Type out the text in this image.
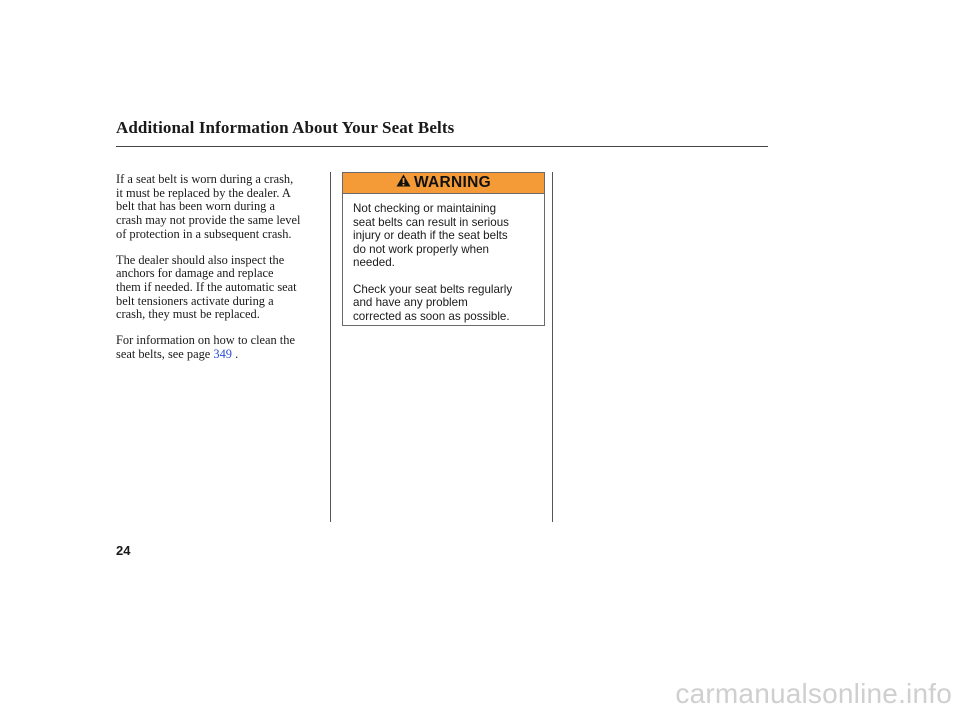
Additional Information About Your Seat Belts

If a seat belt is worn during a crash,
it must be replaced by the dealer. A
belt that has been worn during a
crash may not provide the same level
of protection in a subsequent crash.

The dealer should also inspect the
anchors for damage and replace
them if needed. If the automatic seat
belt tensioners activate during a
crash, they must be replaced.

For information on how to clean the
seat belts, see page 349 .

WARNING

Not checking or maintaining
seat belts can result in serious
injury or death if the seat belts
do not work properly when
needed.

Check your seat belts regularly
and have any problem
corrected as soon as possible.

24
carmanualsonline.info
